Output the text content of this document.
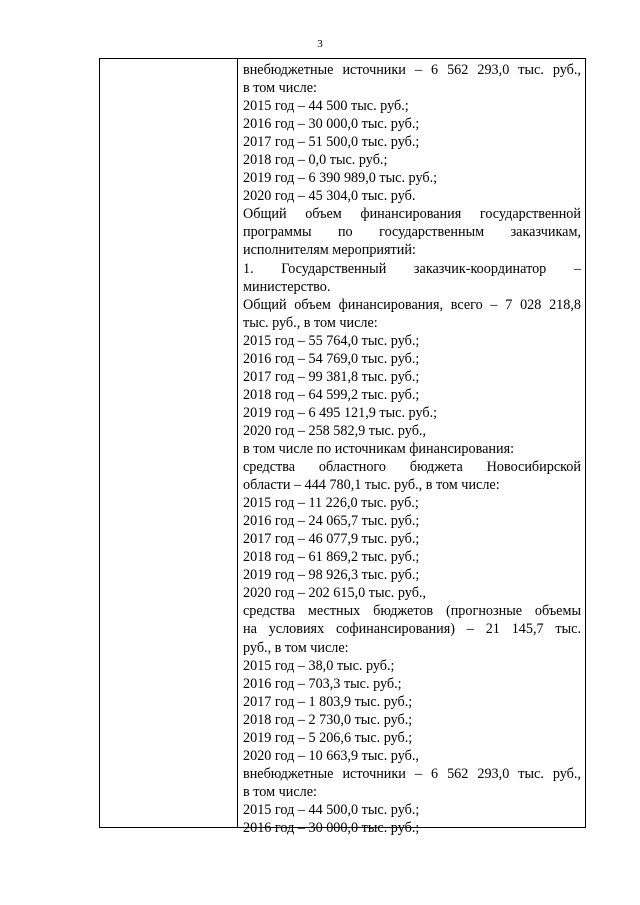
3
внебюджетные источники – 6 562 293,0 тыс. руб.,
в том числе:
2015 год – 44 500 тыс. руб.;
2016 год – 30 000,0 тыс. руб.;
2017 год – 51 500,0 тыс. руб.;
2018 год – 0,0 тыс. руб.;
2019 год – 6 390 989,0 тыс. руб.;
2020 год – 45 304,0 тыс. руб.
Общий объем финансирования государственной
программы по государственным заказчикам,
исполнителям мероприятий:
1. Государственный заказчик-координатор –
министерство.
Общий объем финансирования, всего – 7 028 218,8
тыс. руб., в том числе:
2015 год – 55 764,0 тыс. руб.;
2016 год – 54 769,0 тыс. руб.;
2017 год – 99 381,8 тыс. руб.;
2018 год – 64 599,2 тыс. руб.;
2019 год – 6 495 121,9 тыс. руб.;
2020 год – 258 582,9 тыс. руб.,
в том числе по источникам финансирования:
средства областного бюджета Новосибирской
области – 444 780,1 тыс. руб., в том числе:
2015 год – 11 226,0 тыс. руб.;
2016 год – 24 065,7 тыс. руб.;
2017 год – 46 077,9 тыс. руб.;
2018 год – 61 869,2 тыс. руб.;
2019 год – 98 926,3 тыс. руб.;
2020 год – 202 615,0 тыс. руб.,
средства местных бюджетов (прогнозные объемы
на условиях софинансирования) – 21 145,7 тыс.
руб., в том числе:
2015 год – 38,0 тыс. руб.;
2016 год – 703,3 тыс. руб.;
2017 год – 1 803,9 тыс. руб.;
2018 год – 2 730,0 тыс. руб.;
2019 год – 5 206,6 тыс. руб.;
2020 год – 10 663,9 тыс. руб.,
внебюджетные источники – 6 562 293,0 тыс. руб.,
в том числе:
2015 год – 44 500,0 тыс. руб.;
2016 год – 30 000,0 тыс. руб.;
